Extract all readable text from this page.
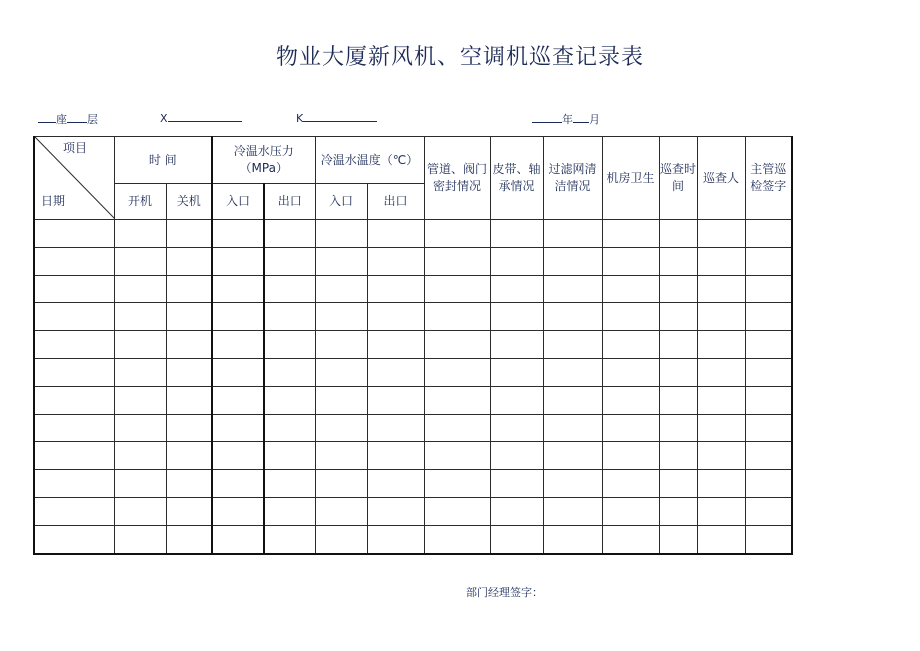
物业大厦新风机、空调机巡查记录表
座 层	X	K	年 月
项目
日期	时 间		冷温水压力（MPa）		冷温水温度（℃）		管道、阀门密封情况	皮带、轴承情况	过滤网清洁情况	机房卫生	巡查时间	巡查人	主管巡检签字
	开机	关机	入口	出口	入口	出口							

部门经理签字：
